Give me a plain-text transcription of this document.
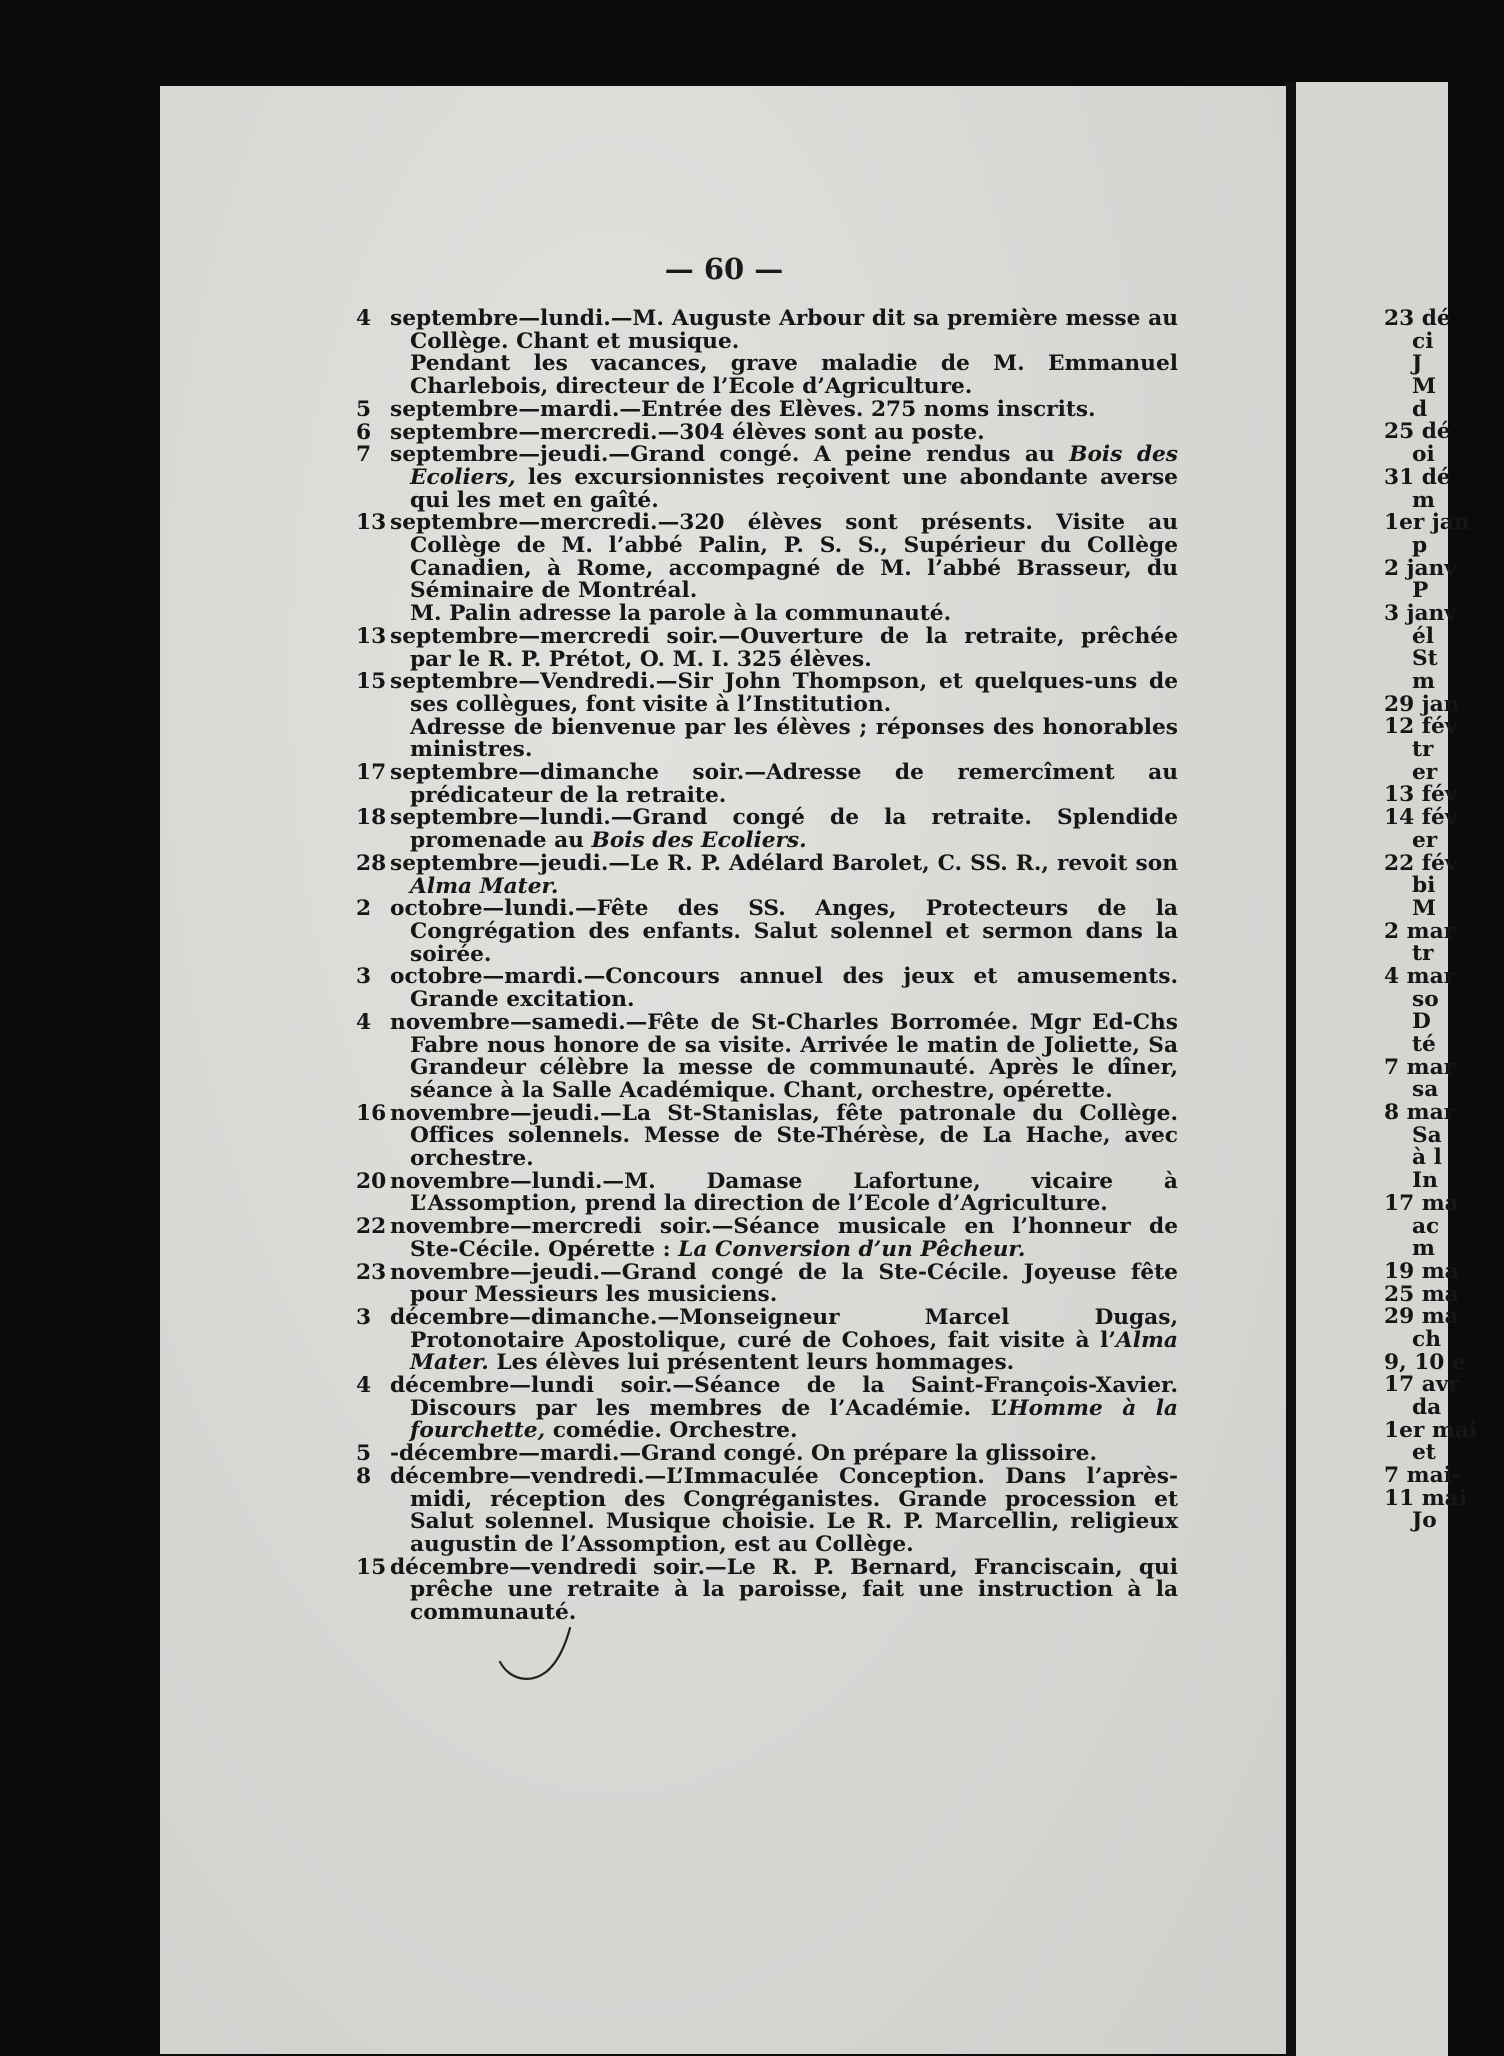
— 60 —

4 septembre—lundi.—M. Auguste Arbour dit sa première messe au Collège. Chant et musique.

Pendant les vacances, grave maladie de M. Emmanuel Charlebois, directeur de l’Ecole d’Agriculture.

5 septembre—mardi.—Entrée des Elèves. 275 noms inscrits.

6 septembre—mercredi.—304 élèves sont au poste.

7 septembre—jeudi.—Grand congé. A peine rendus au Bois des Ecoliers, les excursionnistes reçoivent une abondante averse qui les met en gaîté.

13 septembre—mercredi.—320 élèves sont présents. Visite au Collège de M. l’abbé Palin, P. S. S., Supérieur du Collège Canadien, à Rome, accompagné de M. l’abbé Brasseur, du Séminaire de Montréal.

M. Palin adresse la parole à la communauté.

13 septembre—mercredi soir.—Ouverture de la retraite, prêchée par le R. P. Prétot, O. M. I. 325 élèves.

15 septembre—Vendredi.—Sir John Thompson, et quelques-uns de ses collègues, font visite à l’Institution.

Adresse de bienvenue par les élèves ; réponses des honorables ministres.

17 septembre—dimanche soir.—Adresse de remercîment au prédicateur de la retraite.

18 septembre—lundi.—Grand congé de la retraite. Splendide promenade au Bois des Ecoliers.

28 septembre—jeudi.—Le R. P. Adélard Barolet, C. SS. R., revoit son Alma Mater.

2 octobre—lundi.—Fête des SS. Anges, Protecteurs de la Congrégation des enfants. Salut solennel et sermon dans la soirée.

3 octobre—mardi.—Concours annuel des jeux et amusements. Grande excitation.

4 novembre—samedi.—Fête de St-Charles Borromée. Mgr Ed-Chs Fabre nous honore de sa visite. Arrivée le matin de Joliette, Sa Grandeur célèbre la messe de communauté. Après le dîner, séance à la Salle Académique. Chant, orchestre, opérette.

16 novembre—jeudi.—La St-Stanislas, fête patronale du Collège. Offices solennels. Messe de Ste-Thérèse, de La Hache, avec orchestre.

20 novembre—lundi.—M. Damase Lafortune, vicaire à L’Assomption, prend la direction de l’Ecole d’Agriculture.

22 novembre—mercredi soir.—Séance musicale en l’honneur de Ste-Cécile. Opérette : La Conversion d’un Pêcheur.

23 novembre—jeudi.—Grand congé de la Ste-Cécile. Joyeuse fête pour Messieurs les musiciens.

3 décembre—dimanche.—Monseigneur Marcel Dugas, Protonotaire Apostolique, curé de Cohoes, fait visite à l’Alma Mater. Les élèves lui présentent leurs hommages.

4 décembre—lundi soir.—Séance de la Saint-François-Xavier. Discours par les membres de l’Académie. L’Homme à la fourchette, comédie. Orchestre.

5 -décembre—mardi.—Grand congé. On prépare la glissoire.

8 décembre—vendredi.—L’Immaculée Conception. Dans l’après-midi, réception des Congréganistes. Grande procession et Salut solennel. Musique choisie. Le R. P. Marcellin, religieux augustin de l’Assomption, est au Collège.

15 décembre—vendredi soir.—Le R. P. Bernard, Franciscain, qui prêche une retraite à la paroisse, fait une instruction à la communauté.

23 dé
ci
J
M
d
25 dé
oi
31 dé
m
1er jan
p
2 janv
P
3 janv
él
St
m
29 jan
12 fév
tr
er
13 fév
14 fév
er
22 fév
bi
M
2 mar
tr
4 mar
so
D
té
7 mar
sa
8 mar
Sa
à l
In
17 ma
ac
m
19 ma
25 ma
29 ma
ch
9, 10 e
17 avr
da
1er mai
et
7 mai-
11 mai
Jo
